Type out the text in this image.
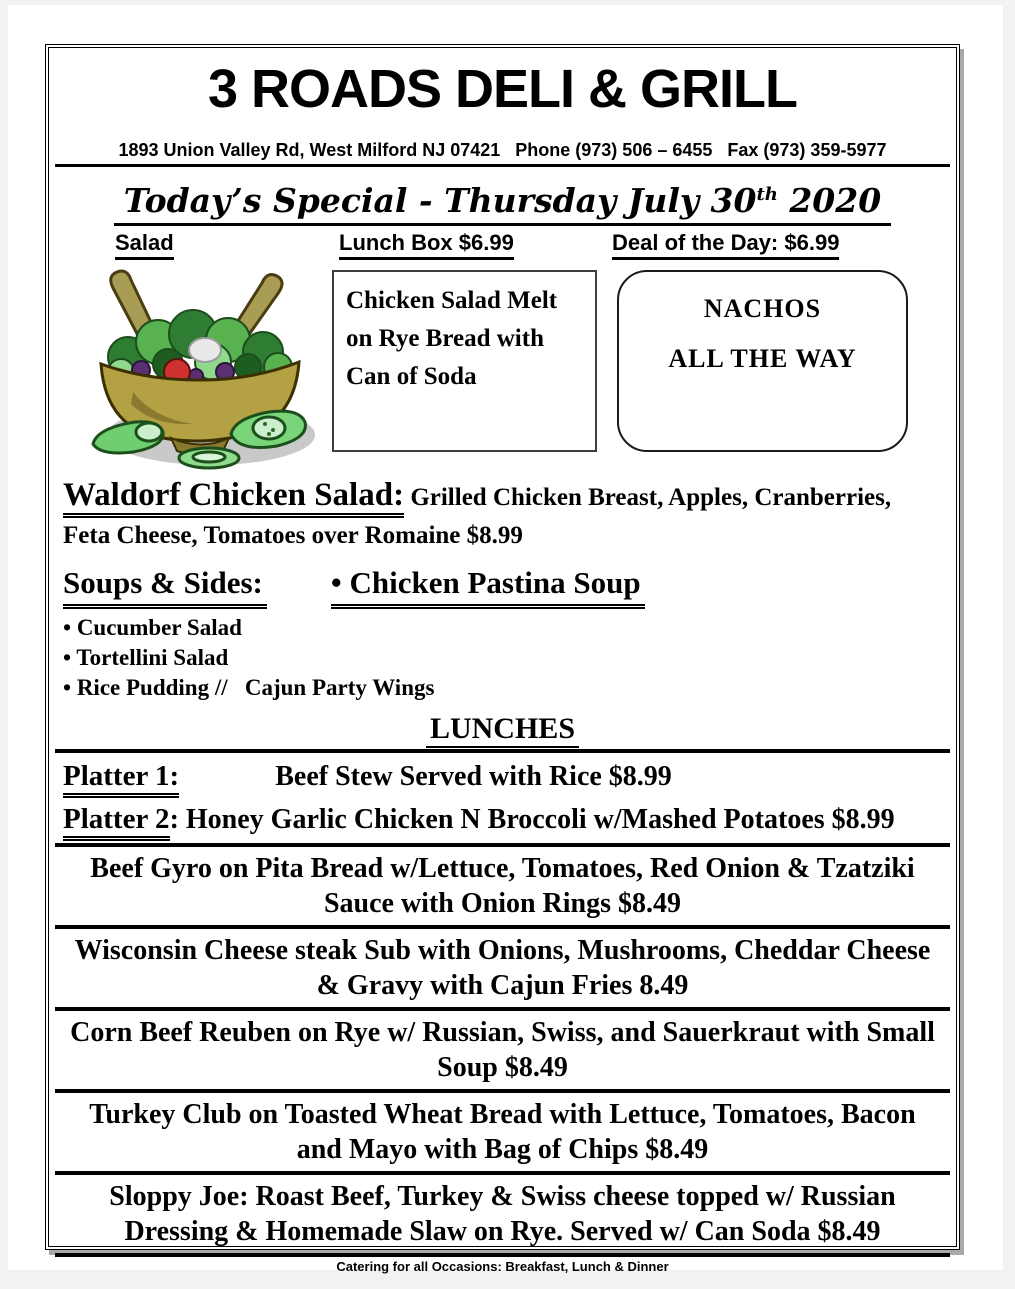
3 ROADS DELI & GRILL
1893 Union Valley Rd, West Milford NJ 07421   Phone (973) 506 – 6455   Fax (973) 359-5977
Today’s Special - Thursday July 30th 2020
Salad	Lunch Box $6.99	Deal of the Day: $6.99
Chicken Salad Melt
on Rye Bread with
Can of Soda
NACHOS
ALL THE WAY

Waldorf Chicken Salad: Grilled Chicken Breast, Apples, Cranberries, Feta Cheese, Tomatoes over Romaine $8.99

Soups & Sides:	• Chicken Pastina Soup
• Cucumber Salad
• Tortellini Salad
• Rice Pudding //   Cajun Party Wings
LUNCHES
Platter 1:	Beef Stew Served with Rice $8.99
Platter 2: Honey Garlic Chicken N Broccoli w/Mashed Potatoes $8.99
Beef Gyro on Pita Bread w/Lettuce, Tomatoes, Red Onion & Tzatziki Sauce with Onion Rings $8.49
Wisconsin Cheese steak Sub with Onions, Mushrooms, Cheddar Cheese & Gravy with Cajun Fries 8.49
Corn Beef Reuben on Rye w/ Russian, Swiss, and Sauerkraut with Small Soup $8.49
Turkey Club on Toasted Wheat Bread with Lettuce, Tomatoes, Bacon and Mayo with Bag of Chips $8.49
Sloppy Joe: Roast Beef, Turkey & Swiss cheese topped w/ Russian Dressing & Homemade Slaw on Rye. Served w/ Can Soda $8.49
Catering for all Occasions: Breakfast, Lunch & Dinner
